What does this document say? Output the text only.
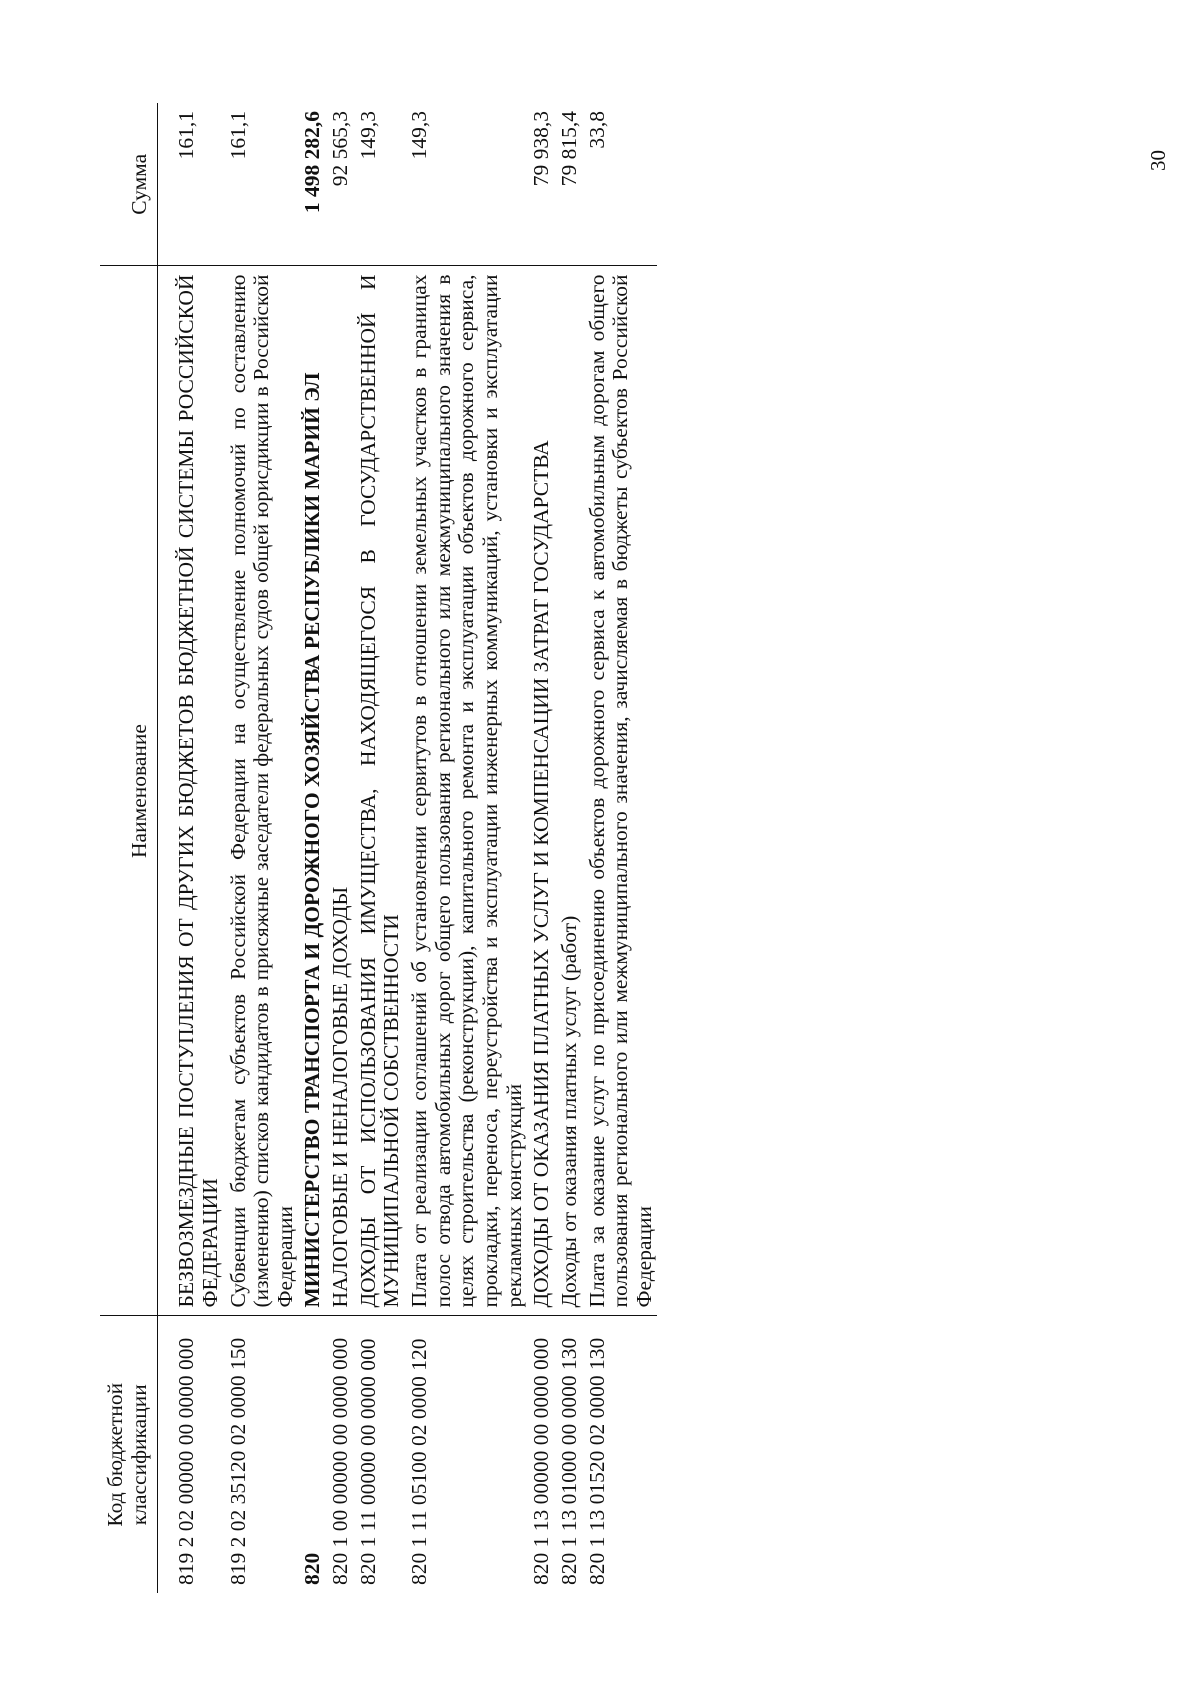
30
Код бюджетной классификации	Наименование	Сумма

819 2 02 00000 00 0000 000	БЕЗВОЗМЕЗДНЫЕ ПОСТУПЛЕНИЯ ОТ ДРУГИХ БЮДЖЕТОВ БЮДЖЕТНОЙ СИСТЕМЫ РОССИЙСКОЙ ФЕДЕРАЦИИ	161,1
819 2 02 35120 02 0000 150	Субвенции бюджетам субъектов Российской Федерации на осуществление полномочий по составлению (изменению) списков кандидатов в присяжные заседатели федеральных судов общей юрисдикции в Российской Федерации	161,1
820	МИНИСТЕРСТВО ТРАНСПОРТА И ДОРОЖНОГО ХОЗЯЙСТВА РЕСПУБЛИКИ МАРИЙ ЭЛ	1 498 282,6
820 1 00 00000 00 0000 000	НАЛОГОВЫЕ И НЕНАЛОГОВЫЕ ДОХОДЫ	92 565,3
820 1 11 00000 00 0000 000	ДОХОДЫ ОТ ИСПОЛЬЗОВАНИЯ ИМУЩЕСТВА, НАХОДЯЩЕГОСЯ В ГОСУДАРСТВЕННОЙ И МУНИЦИПАЛЬНОЙ СОБСТВЕННОСТИ	149,3
820 1 11 05100 02 0000 120	Плата от реализации соглашений об установлении сервитутов в отношении земельных участков в границах полос отвода автомобильных дорог общего пользования регионального или межмуниципального значения в целях строительства (реконструкции), капитального ремонта и эксплуатации объектов дорожного сервиса, прокладки, переноса, переустройства и эксплуатации инженерных коммуникаций, установки и эксплуатации рекламных конструкций	149,3
820 1 13 00000 00 0000 000	ДОХОДЫ ОТ ОКАЗАНИЯ ПЛАТНЫХ УСЛУГ И КОМПЕНСАЦИИ ЗАТРАТ ГОСУДАРСТВА	79 938,3
820 1 13 01000 00 0000 130	Доходы от оказания платных услуг (работ)	79 815,4
820 1 13 01520 02 0000 130	Плата за оказание услуг по присоединению объектов дорожного сервиса к автомобильным дорогам общего пользования регионального или межмуниципального значения, зачисляемая в бюджеты субъектов Российской Федерации	33,8
